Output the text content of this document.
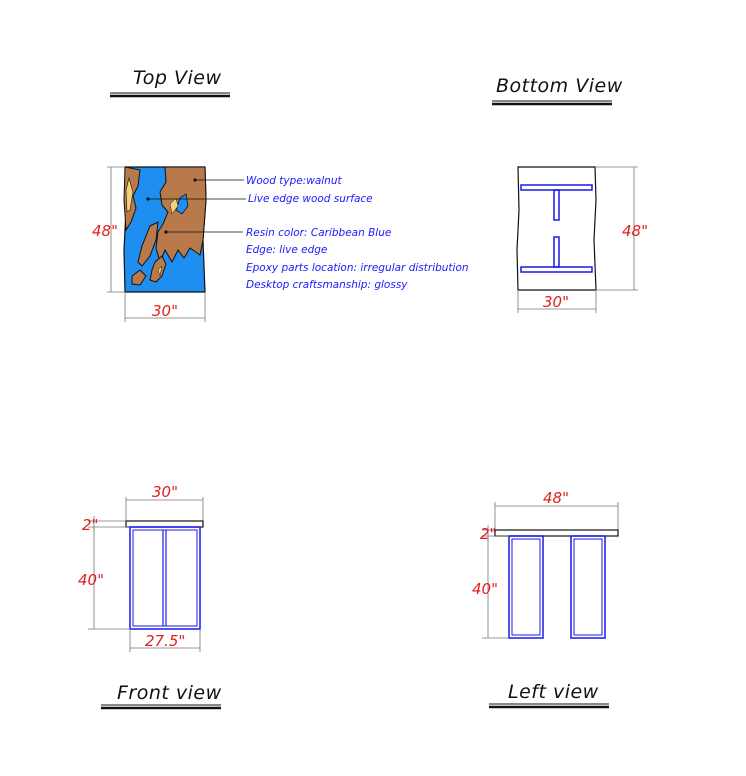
Top View
Wood type:walnut
Live edge wood surface
Resin color: Caribbean Blue
Edge: live edge
Epoxy parts location: irregular distribution
Desktop craftsmanship: glossy
48"
30"
Bottom View
48"
30"
30"
2"
40"
27.5"
Front view
48"
2"
40"
Left view
